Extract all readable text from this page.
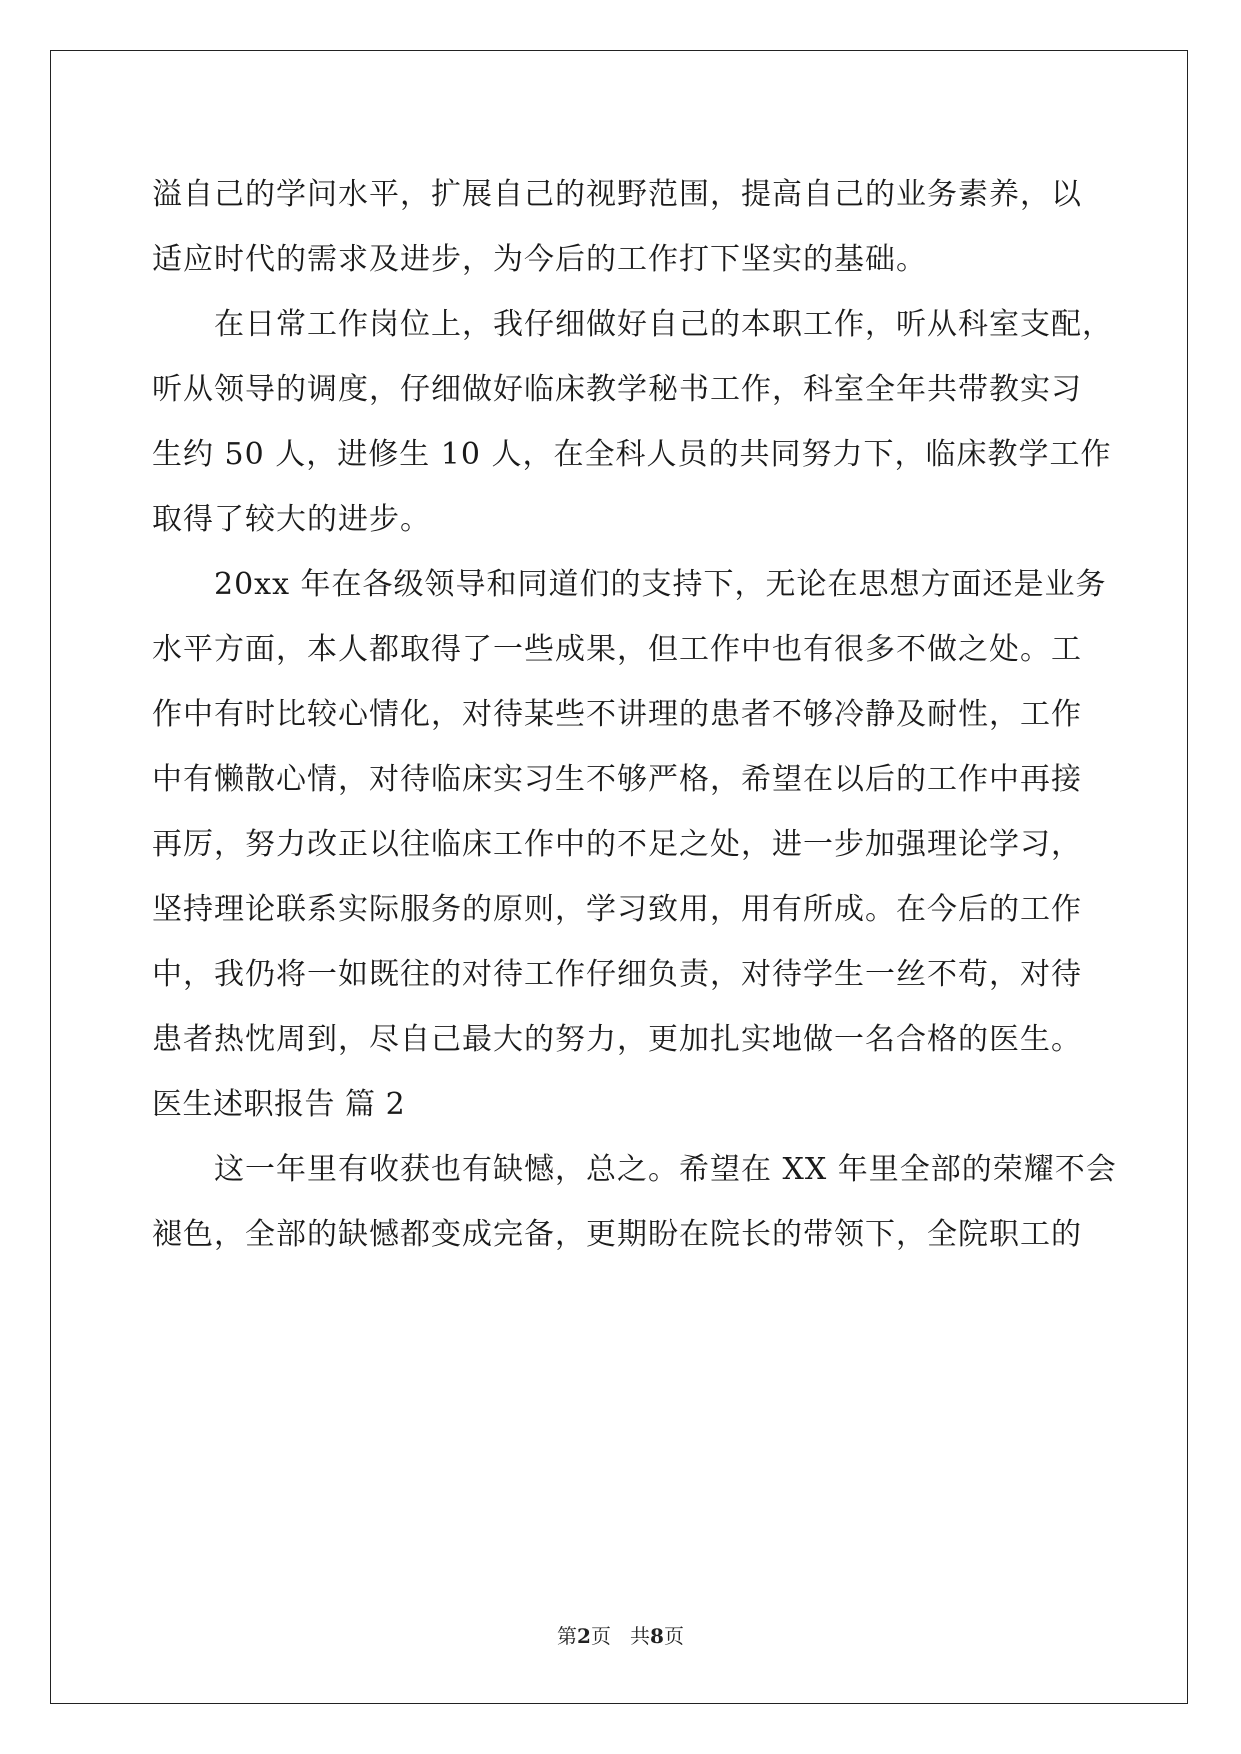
溢自己的学问水平，扩展自己的视野范围，提高自己的业务素养，以
适应时代的需求及进步，为今后的工作打下坚实的基础。
　　在日常工作岗位上，我仔细做好自己的本职工作，听从科室支配，
听从领导的调度，仔细做好临床教学秘书工作，科室全年共带教实习
生约 50 人，进修生 10 人，在全科人员的共同努力下，临床教学工作
取得了较大的进步。
　　20xx 年在各级领导和同道们的支持下，无论在思想方面还是业务
水平方面，本人都取得了一些成果，但工作中也有很多不做之处。工
作中有时比较心情化，对待某些不讲理的患者不够冷静及耐性，工作
中有懒散心情，对待临床实习生不够严格，希望在以后的工作中再接
再厉，努力改正以往临床工作中的不足之处，进一步加强理论学习，
坚持理论联系实际服务的原则，学习致用，用有所成。在今后的工作
中，我仍将一如既往的对待工作仔细负责，对待学生一丝不苟，对待
患者热忱周到，尽自己最大的努力，更加扎实地做一名合格的医生。
医生述职报告 篇 2
　　这一年里有收获也有缺憾，总之。希望在 XX 年里全部的荣耀不会
褪色，全部的缺憾都变成完备，更期盼在院长的带领下，全院职工的
第2页   共8页
